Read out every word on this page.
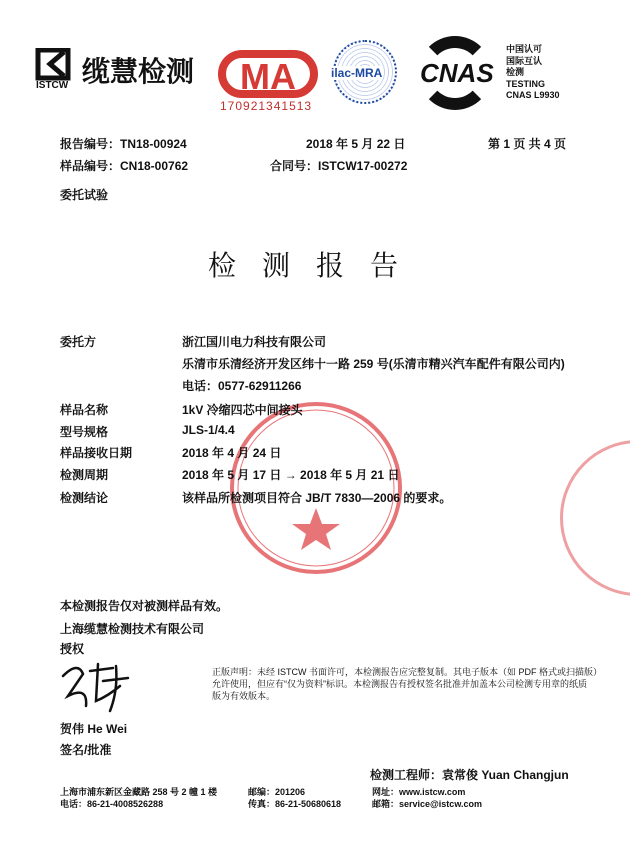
ISTCW 缆慧检测 MA
170921341513
ilac-MRA CNAS
中国认可
国际互认
检测
TESTING
CNAS L9930
报告编号：TN18-00924	2018 年 5 月 22 日	第 1 页 共 4 页
样品编号：CN18-00762	合同号：ISTCW17-00272
委托试验
检测报告
委托方	浙江国川电力科技有限公司
乐清市乐清经济开发区纬十一路 259 号(乐清市精兴汽车配件有限公司内)
电话：0577-62911266
样品名称	1kV 冷缩四芯中间接头
型号规格	JLS-1/4.4
样品接收日期	2018 年 4 月 24 日
检测周期	2018 年 5 月 17 日 → 2018 年 5 月 21 日
检测结论	该样品所检测项目符合 JB/T 7830—2006 的要求。
本检测报告仅对被测样品有效。
上海缆慧检测技术有限公司
授权
贺伟 He Wei
签名/批准
正版声明：未经 ISTCW 书面许可，本检测报告应完整复制。其电子版本（如 PDF 格式或扫描版）
允许使用，但应有“仅为资料”标识。本检测报告有授权签名批准并加盖本公司检测专用章的纸质
版为有效版本。
检测工程师：袁常俊 Yuan Changjun
上海市浦东新区金藏路 258 号 2 幢 1 楼
电话：86-21-4008526288
邮编：201206
传真：86-21-50680618
网址：www.istcw.com
邮箱：service@istcw.com
